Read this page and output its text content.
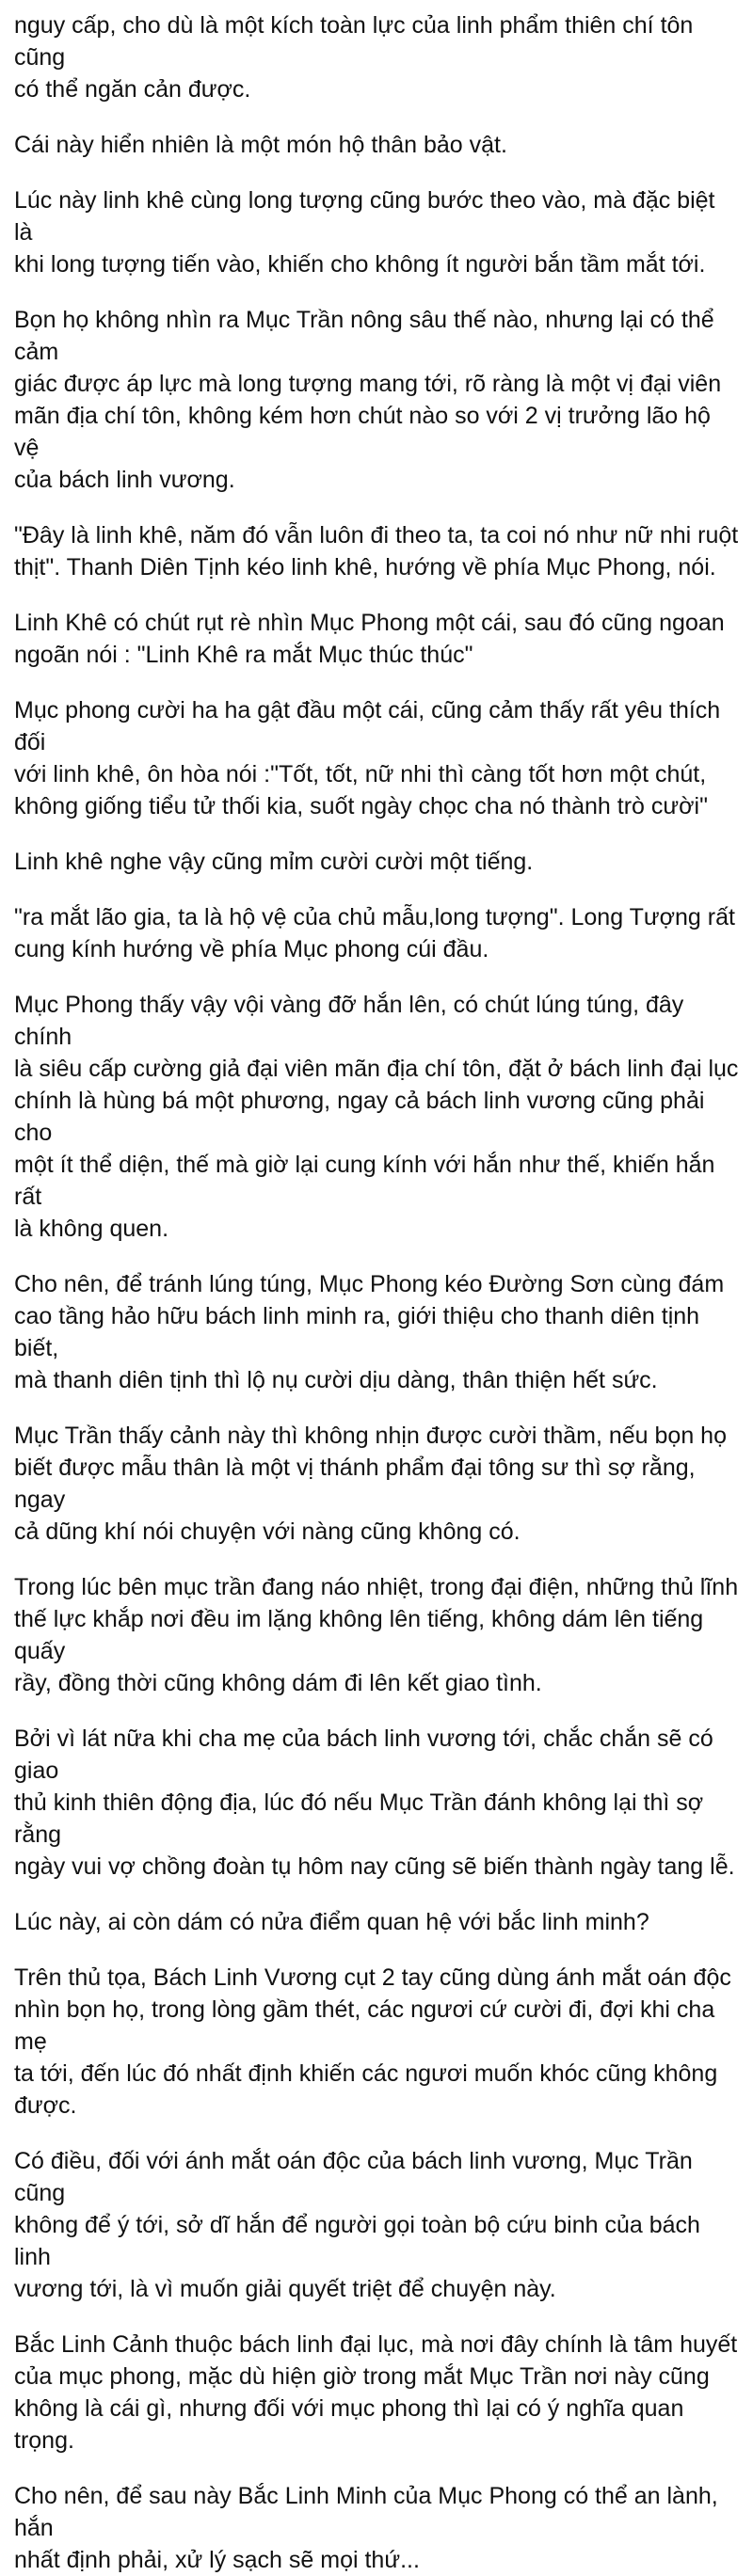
nguy cấp, cho dù là một kích toàn lực của linh phẩm thiên chí tôn cũng
có thể ngăn cản được.

Cái này hiển nhiên là một món hộ thân bảo vật.

Lúc này linh khê cùng long tượng cũng bước theo vào, mà đặc biệt là
khi long tượng tiến vào, khiến cho không ít người bắn tầm mắt tới.

Bọn họ không nhìn ra Mục Trần nông sâu thế nào, nhưng lại có thể cảm
giác được áp lực mà long tượng mang tới, rõ ràng là một vị đại viên
mãn địa chí tôn, không kém hơn chút nào so với 2 vị trưởng lão hộ vệ
của bách linh vương.

"Đây là linh khê, năm đó vẫn luôn đi theo ta, ta coi nó như nữ nhi ruột
thịt". Thanh Diên Tịnh kéo linh khê, hướng về phía Mục Phong, nói.

Linh Khê có chút rụt rè nhìn Mục Phong một cái, sau đó cũng ngoan
ngoãn nói : "Linh Khê ra mắt Mục thúc thúc"

Mục phong cười ha ha gật đầu một cái, cũng cảm thấy rất yêu thích đối
với linh khê, ôn hòa nói :"Tốt, tốt, nữ nhi thì càng tốt hơn một chút,
không giống tiểu tử thối kia, suốt ngày chọc cha nó thành trò cười"

Linh khê nghe vậy cũng mỉm cười cười một tiếng.

"ra mắt lão gia, ta là hộ vệ của chủ mẫu,long tượng". Long Tượng rất
cung kính hướng về phía Mục phong cúi đầu.

Mục Phong thấy vậy vội vàng đỡ hắn lên, có chút lúng túng, đây chính
là siêu cấp cường giả đại viên mãn địa chí tôn, đặt ở bách linh đại lục
chính là hùng bá một phương, ngay cả bách linh vương cũng phải cho
một ít thể diện, thế mà giờ lại cung kính với hắn như thế, khiến hắn rất
là không quen.

Cho nên, để tránh lúng túng, Mục Phong kéo Đường Sơn cùng đám
cao tầng hảo hữu bách linh minh ra, giới thiệu cho thanh diên tịnh biết,
mà thanh diên tịnh thì lộ nụ cười dịu dàng, thân thiện hết sức.

Mục Trần thấy cảnh này thì không nhịn được cười thầm, nếu bọn họ
biết được mẫu thân là một vị thánh phẩm đại tông sư thì sợ rằng, ngay
cả dũng khí nói chuyện với nàng cũng không có.

Trong lúc bên mục trần đang náo nhiệt, trong đại điện, những thủ lĩnh
thế lực khắp nơi đều im lặng không lên tiếng, không dám lên tiếng quấy
rầy, đồng thời cũng không dám đi lên kết giao tình.

Bởi vì lát nữa khi cha mẹ của bách linh vương tới, chắc chắn sẽ có giao
thủ kinh thiên động địa, lúc đó nếu Mục Trần đánh không lại thì sợ rằng
ngày vui vợ chồng đoàn tụ hôm nay cũng sẽ biến thành ngày tang lễ.

Lúc này, ai còn dám có nửa điểm quan hệ với bắc linh minh?

Trên thủ tọa, Bách Linh Vương cụt 2 tay cũng dùng ánh mắt oán độc
nhìn bọn họ, trong lòng gầm thét, các ngươi cứ cười đi, đợi khi cha mẹ
ta tới, đến lúc đó nhất định khiến các ngươi muốn khóc cũng không
được.

Có điều, đối với ánh mắt oán độc của bách linh vương, Mục Trần cũng
không để ý tới, sở dĩ hắn để người gọi toàn bộ cứu binh của bách linh
vương tới, là vì muốn giải quyết triệt để chuyện này.

Bắc Linh Cảnh thuộc bách linh đại lục, mà nơi đây chính là tâm huyết
của mục phong, mặc dù hiện giờ trong mắt Mục Trần nơi này cũng
không là cái gì, nhưng đối với mục phong thì lại có ý nghĩa quan trọng.

Cho nên, để sau này Bắc Linh Minh của Mục Phong có thể an lành, hắn
nhất định phải, xử lý sạch sẽ mọi thứ...
